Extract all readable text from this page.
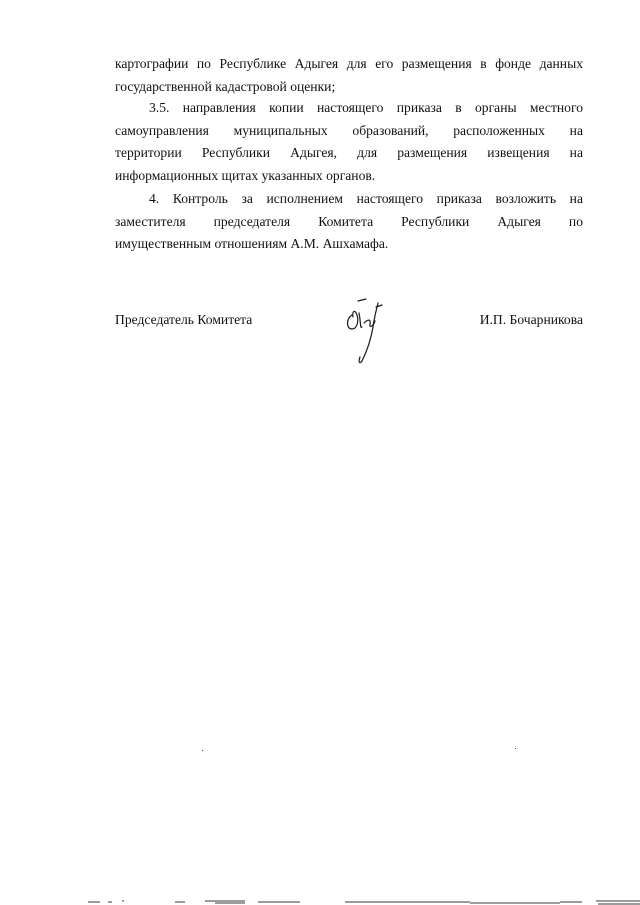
картографии по Республике Адыгея для его размещения в фонде данных
государственной кадастровой оценки;
3.5. направления копии настоящего приказа в органы местного
самоуправления муниципальных образований, расположенных на
территории Республики Адыгея, для размещения извещения на
информационных щитах указанных органов.
4. Контроль за исполнением настоящего приказа возложить на
заместителя председателя Комитета Республики Адыгея по
имущественным отношениям А.М. Ашхамафа.
Председатель Комитета	И.П. Бочарникова
